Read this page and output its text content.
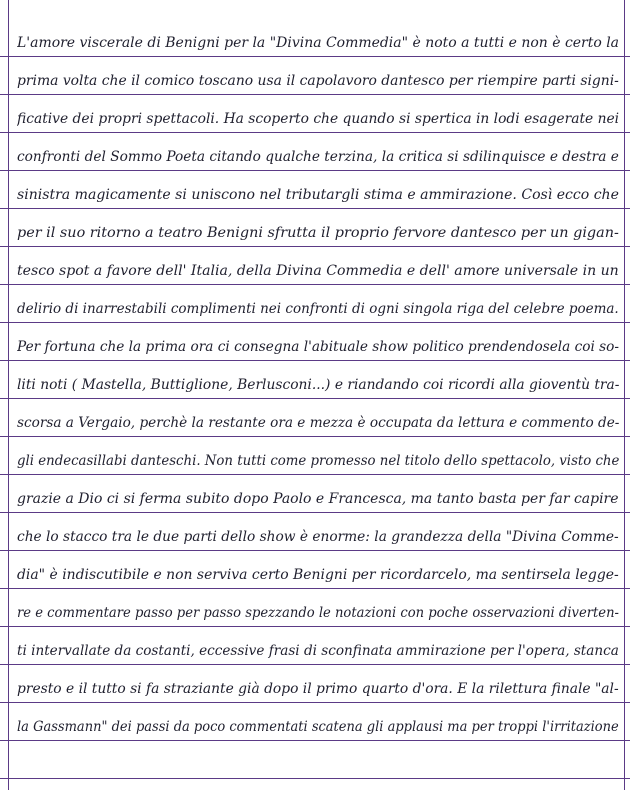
L'amore viscerale di Benigni per la "Divina Commedia" è noto a tutti e non è certo la
prima volta che il comico toscano usa il capolavoro dantesco per riempire parti signi-
ficative dei propri spettacoli. Ha scoperto che quando si spertica in lodi esagerate nei
confronti del Sommo Poeta citando qualche terzina, la critica si sdilinquisce e destra e
sinistra magicamente si uniscono nel tributargli stima e ammirazione. Così ecco che
per il suo ritorno a teatro Benigni sfrutta il proprio fervore dantesco per un gigan-
tesco spot a favore dell' Italia, della Divina Commedia e dell' amore universale in un
delirio di inarrestabili complimenti nei confronti di ogni singola riga del celebre poema.
Per fortuna che la prima ora ci consegna l'abituale show politico prendendosela coi so-
liti noti ( Mastella, Buttiglione, Berlusconi...) e riandando coi ricordi alla gioventù tra-
scorsa a Vergaio, perchè la restante ora e mezza è occupata da lettura e commento de-
gli endecasillabi danteschi. Non tutti come promesso nel titolo dello spettacolo, visto che
grazie a Dio ci si ferma subito dopo Paolo e Francesca, ma tanto basta per far capire
che lo stacco tra le due parti dello show è enorme: la grandezza della "Divina Comme-
dia" è indiscutibile e non serviva certo Benigni per ricordarcelo, ma sentirsela legge-
re e commentare passo per passo spezzando le notazioni con poche osservazioni diverten-
ti intervallate da costanti, eccessive frasi di sconfinata ammirazione per l'opera, stanca
presto e il tutto si fa straziante già dopo il primo quarto d'ora. E la rilettura finale "al-
la Gassmann" dei passi da poco commentati scatena gli applausi ma per troppi l'irritazione
